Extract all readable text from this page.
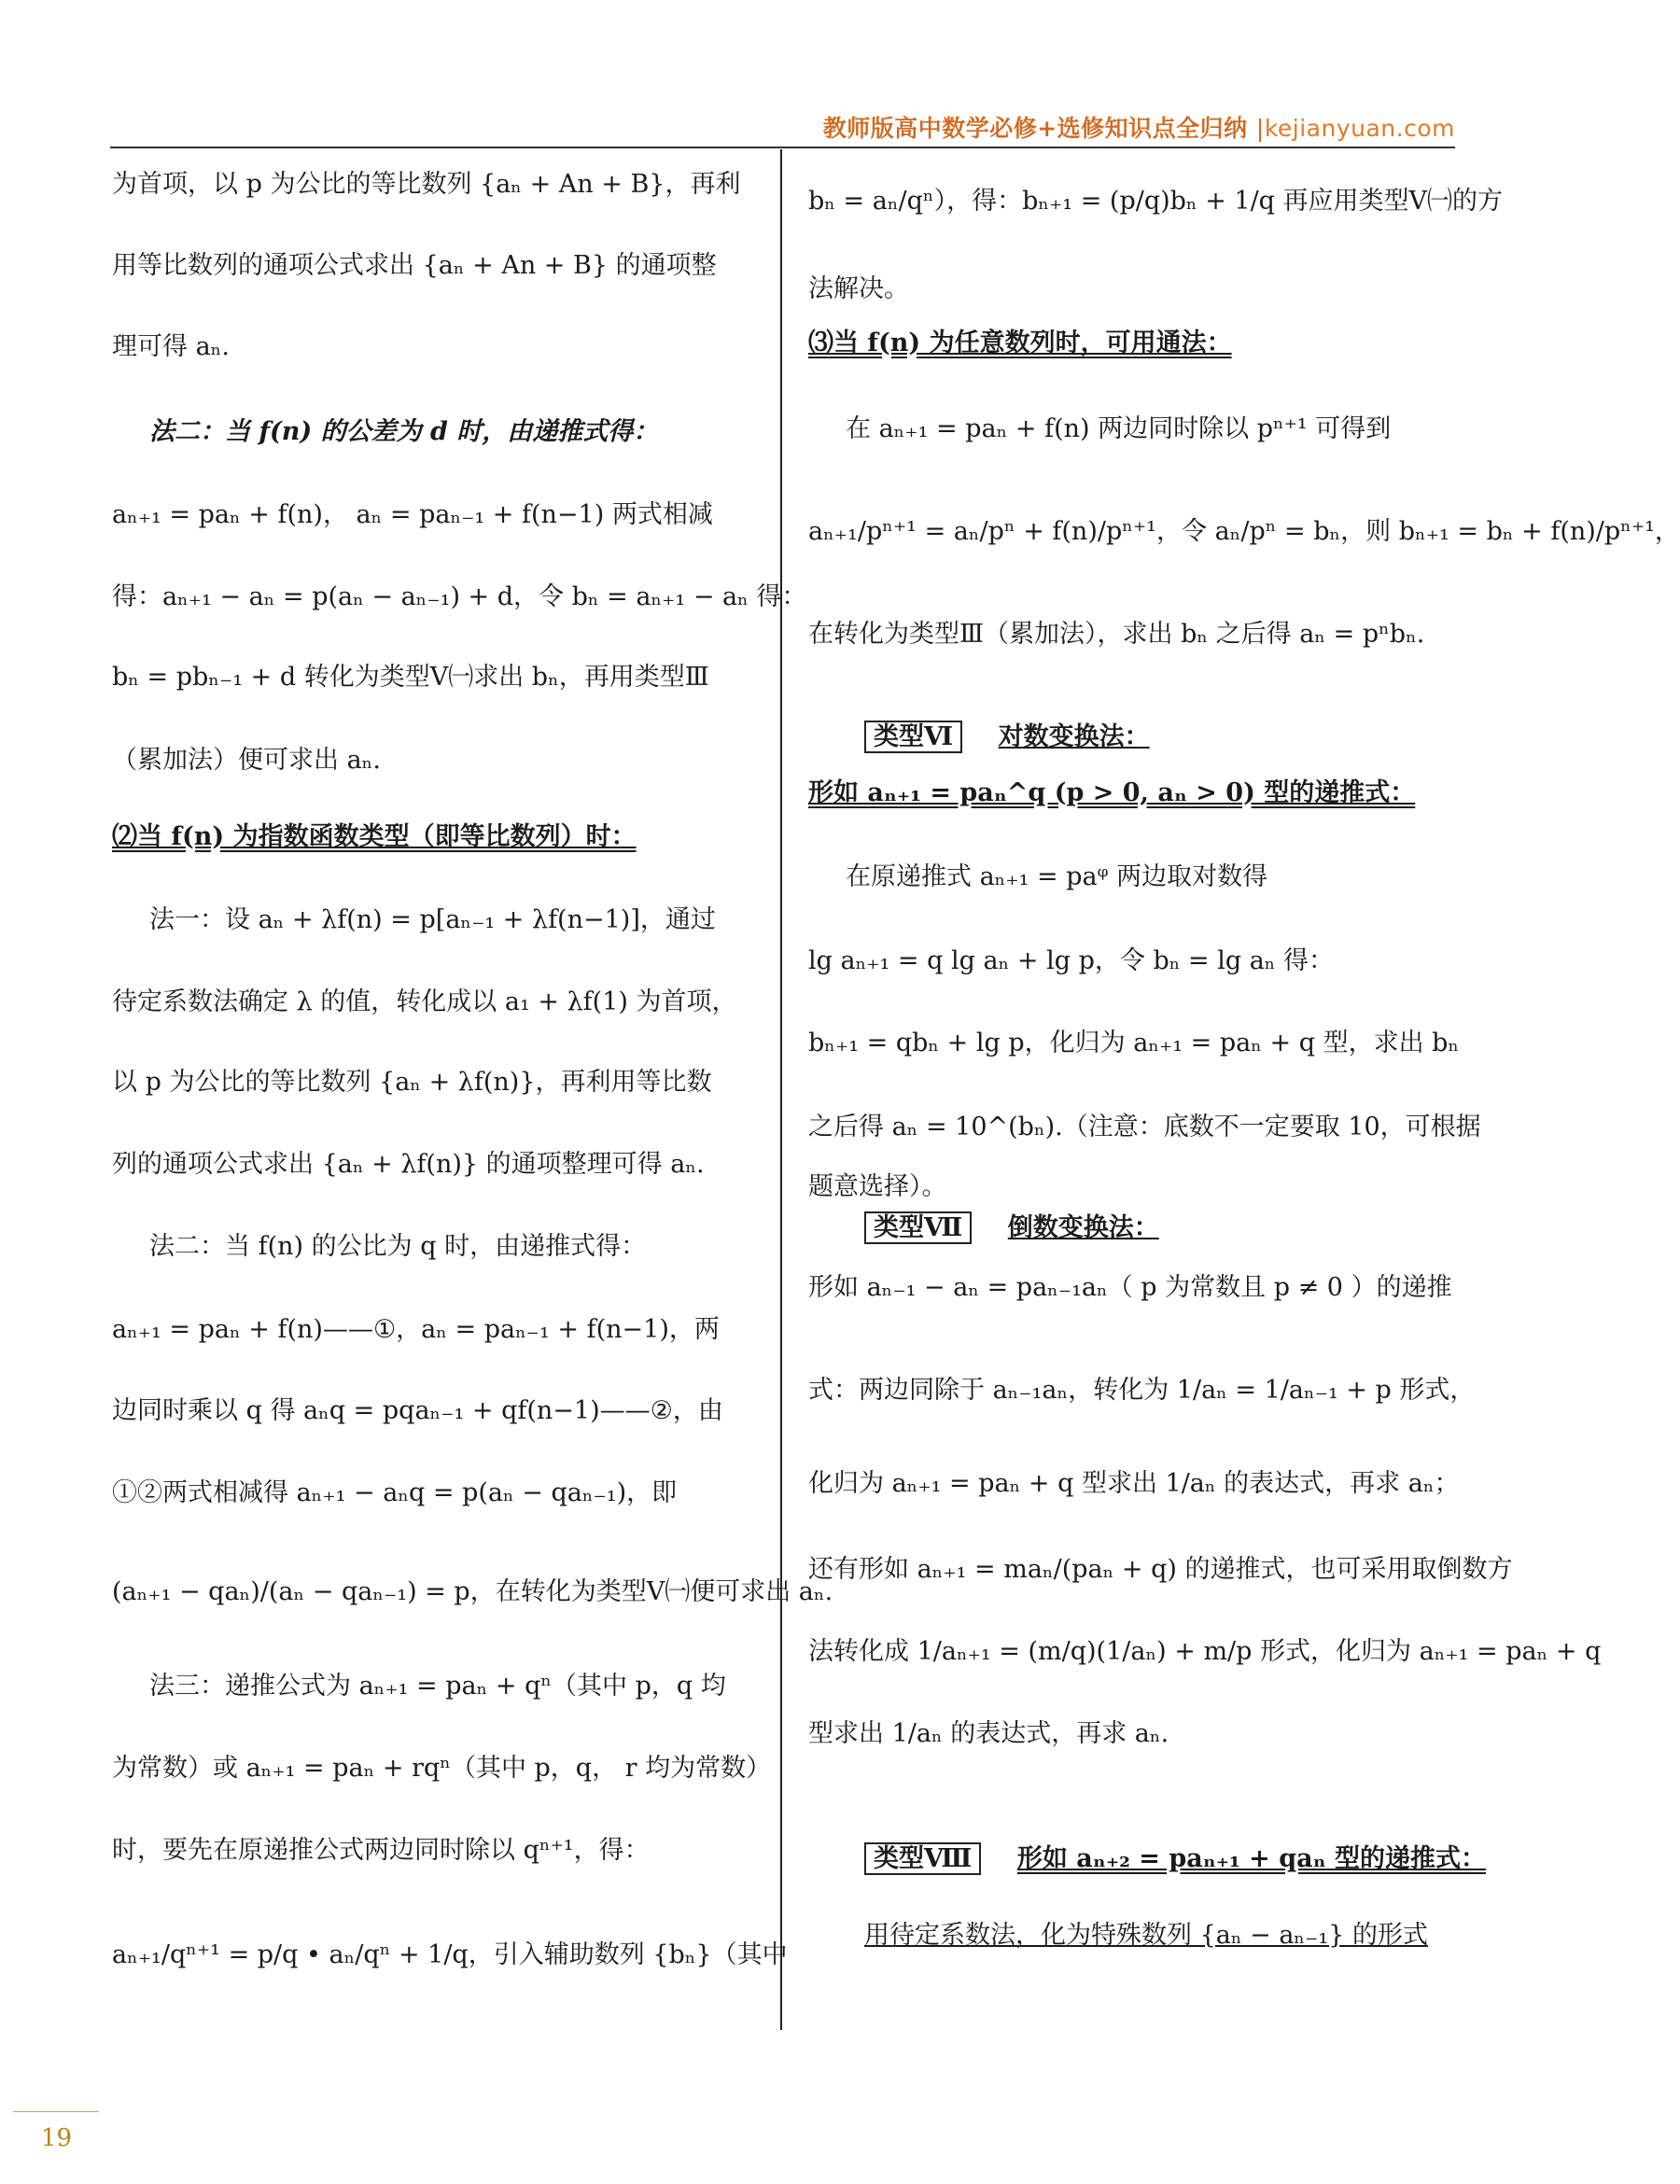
教师版高中数学必修+选修知识点全归纳 |kejianyuan.com
为首项，以 p 为公比的等比数列 {aₙ + An + B}，再利
用等比数列的通项公式求出 {aₙ + An + B} 的通项整
理可得 aₙ.
法二：当 f(n) 的公差为 d 时，由递推式得：
aₙ₊₁ = paₙ + f(n)， aₙ = paₙ₋₁ + f(n−1) 两式相减
得：aₙ₊₁ − aₙ = p(aₙ − aₙ₋₁) + d，令 bₙ = aₙ₊₁ − aₙ 得：
bₙ = pbₙ₋₁ + d 转化为类型Ⅴ㈠求出 bₙ，再用类型Ⅲ
（累加法）便可求出 aₙ.
⑵当 f(n) 为指数函数类型（即等比数列）时：
法一：设 aₙ + λf(n) = p[aₙ₋₁ + λf(n−1)]，通过
待定系数法确定 λ 的值，转化成以 a₁ + λf(1) 为首项，
以 p 为公比的等比数列 {aₙ + λf(n)}，再利用等比数
列的通项公式求出 {aₙ + λf(n)} 的通项整理可得 aₙ.
法二：当 f(n) 的公比为 q 时，由递推式得：
aₙ₊₁ = paₙ + f(n)——①，aₙ = paₙ₋₁ + f(n−1)，两
边同时乘以 q 得 aₙq = pqaₙ₋₁ + qf(n−1)——②，由
①②两式相减得 aₙ₊₁ − aₙq = p(aₙ − qaₙ₋₁)，即
(aₙ₊₁ − qaₙ)/(aₙ − qaₙ₋₁) = p，在转化为类型Ⅴ㈠便可求出 aₙ.
法三：递推公式为 aₙ₊₁ = paₙ + qⁿ（其中 p，q 均
为常数）或 aₙ₊₁ = paₙ + rqⁿ（其中 p，q， r 均为常数）
时，要先在原递推公式两边同时除以 qⁿ⁺¹，得：
aₙ₊₁/qⁿ⁺¹ = p/q • aₙ/qⁿ + 1/q，引入辅助数列 {bₙ}（其中
bₙ = aₙ/qⁿ），得：bₙ₊₁ = (p/q)bₙ + 1/q 再应用类型Ⅴ㈠的方
法解决。
⑶当 f(n) 为任意数列时，可用通法：
在 aₙ₊₁ = paₙ + f(n) 两边同时除以 pⁿ⁺¹ 可得到
aₙ₊₁/pⁿ⁺¹ = aₙ/pⁿ + f(n)/pⁿ⁺¹，令 aₙ/pⁿ = bₙ，则 bₙ₊₁ = bₙ + f(n)/pⁿ⁺¹，
在转化为类型Ⅲ（累加法），求出 bₙ 之后得 aₙ = pⁿbₙ.
类型Ⅵ 对数变换法：
形如 aₙ₊₁ = paₙ^q (p > 0, aₙ > 0) 型的递推式：
在原递推式 aₙ₊₁ = paᵠ 两边取对数得
lg aₙ₊₁ = q lg aₙ + lg p，令 bₙ = lg aₙ 得：
bₙ₊₁ = qbₙ + lg p，化归为 aₙ₊₁ = paₙ + q 型，求出 bₙ
之后得 aₙ = 10^(bₙ).（注意：底数不一定要取 10，可根据
题意选择）。
类型Ⅶ 倒数变换法：
形如 aₙ₋₁ − aₙ = paₙ₋₁aₙ（ p 为常数且 p ≠ 0 ）的递推
式：两边同除于 aₙ₋₁aₙ，转化为 1/aₙ = 1/aₙ₋₁ + p 形式，
化归为 aₙ₊₁ = paₙ + q 型求出 1/aₙ 的表达式，再求 aₙ；
还有形如 aₙ₊₁ = maₙ/(paₙ + q) 的递推式，也可采用取倒数方
法转化成 1/aₙ₊₁ = (m/q)(1/aₙ) + m/p 形式，化归为 aₙ₊₁ = paₙ + q
型求出 1/aₙ 的表达式，再求 aₙ.
类型Ⅷ 形如 aₙ₊₂ = paₙ₊₁ + qaₙ 型的递推式：
用待定系数法，化为特殊数列 {aₙ − aₙ₋₁} 的形式
19
